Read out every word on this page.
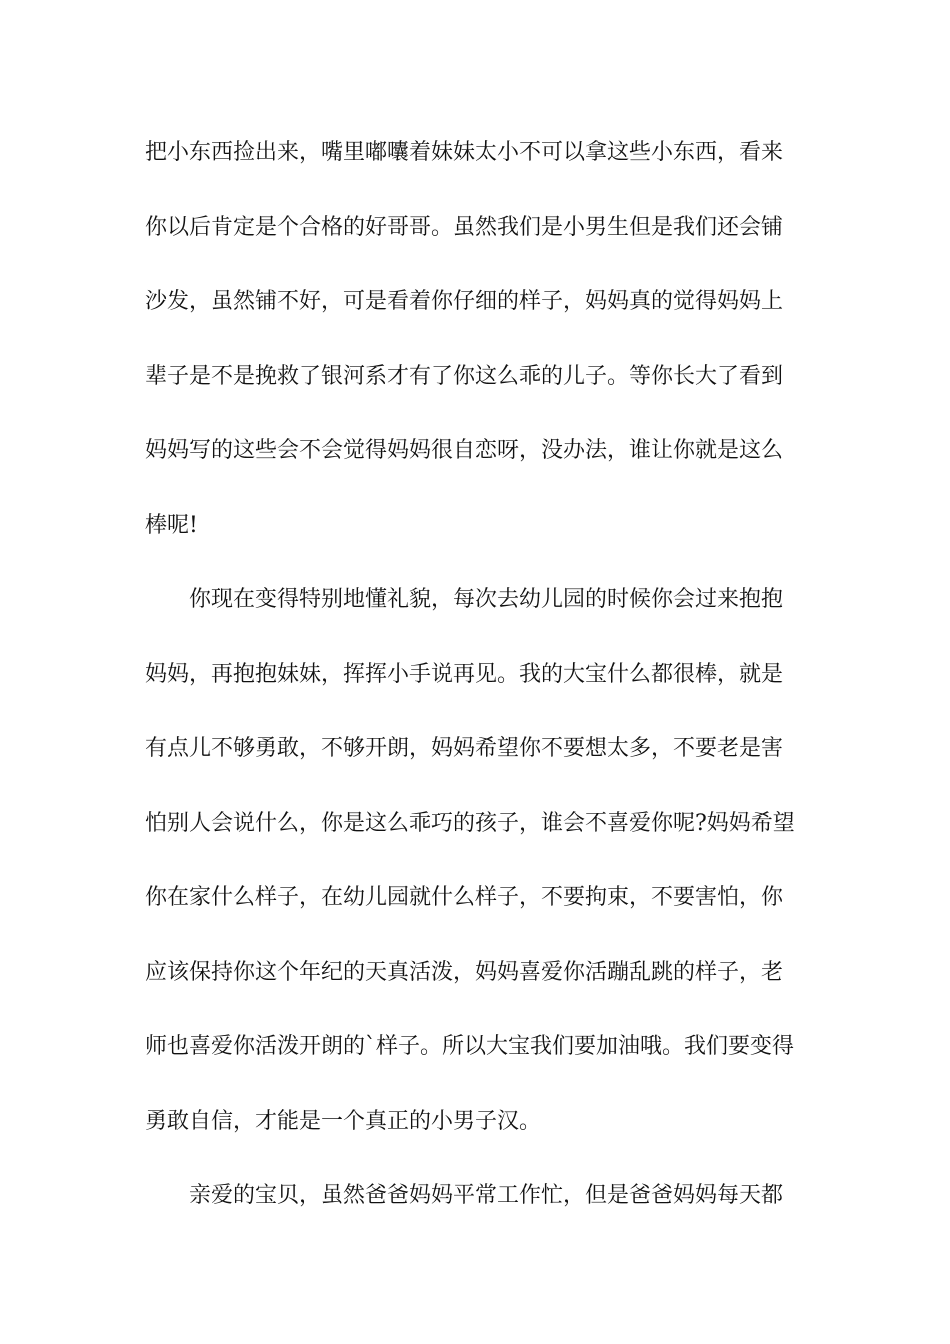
把小东西捡出来，嘴里嘟囔着妹妹太小不可以拿这些小东西，看来
你以后肯定是个合格的好哥哥。虽然我们是小男生但是我们还会铺
沙发，虽然铺不好，可是看着你仔细的样子，妈妈真的觉得妈妈上
辈子是不是挽救了银河系才有了你这么乖的儿子。等你长大了看到
妈妈写的这些会不会觉得妈妈很自恋呀，没办法，谁让你就是这么
棒呢!
你现在变得特别地懂礼貌，每次去幼儿园的时候你会过来抱抱
妈妈，再抱抱妹妹，挥挥小手说再见。我的大宝什么都很棒，就是
有点儿不够勇敢，不够开朗，妈妈希望你不要想太多，不要老是害
怕别人会说什么，你是这么乖巧的孩子，谁会不喜爱你呢?妈妈希望
你在家什么样子，在幼儿园就什么样子，不要拘束，不要害怕，你
应该保持你这个年纪的天真活泼，妈妈喜爱你活蹦乱跳的样子，老
师也喜爱你活泼开朗的`样子。所以大宝我们要加油哦。我们要变得
勇敢自信，才能是一个真正的小男子汉。
亲爱的宝贝，虽然爸爸妈妈平常工作忙，但是爸爸妈妈每天都
